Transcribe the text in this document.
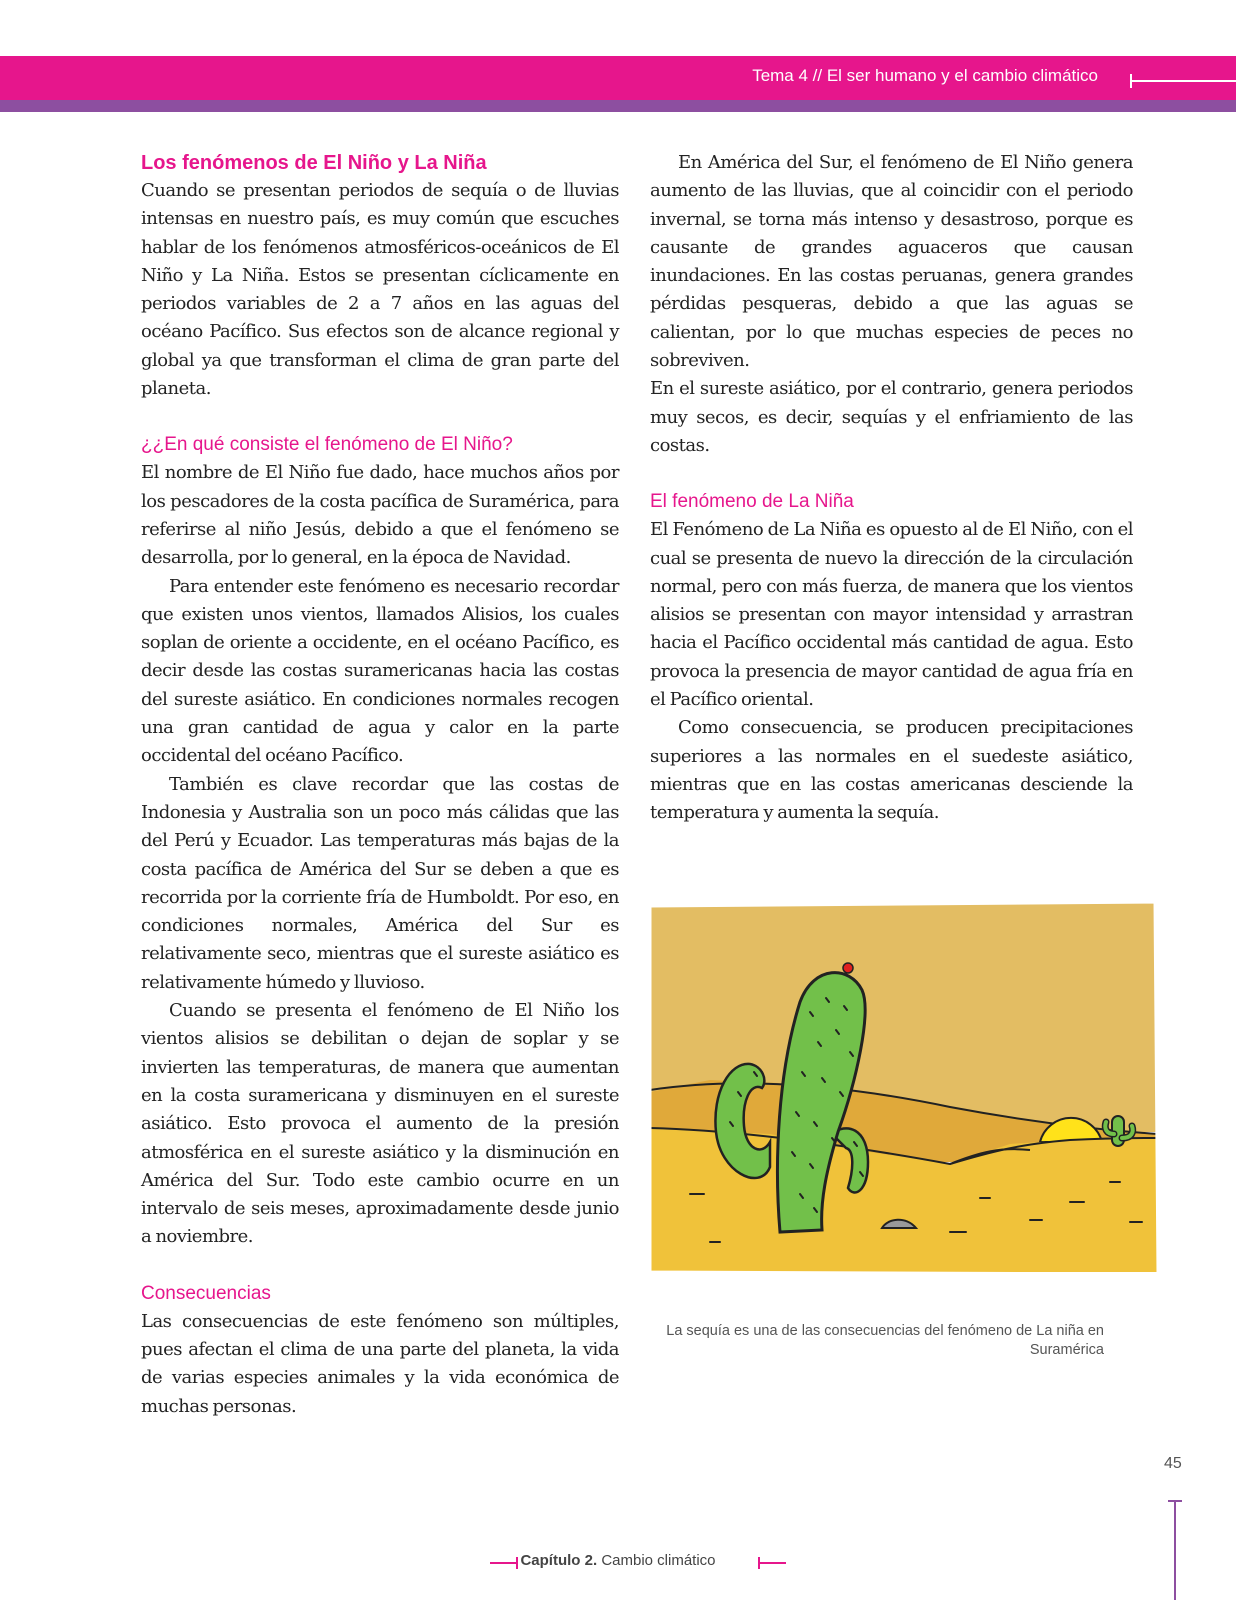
Tema 4 // El ser humano y el cambio climático
Los fenómenos de El Niño y La Niña
Cuando se presentan periodos de sequía o de lluvias intensas en nuestro país, es muy común que escuches hablar de los fenómenos atmosféricos-oceánicos de El Niño y La Niña. Estos se presentan cíclicamente en periodos variables de 2 a 7 años en las aguas del océano Pacífico. Sus efectos son de alcance regional y global ya que transforman el clima de gran parte del planeta.
¿¿En qué consiste el fenómeno de El Niño?
El nombre de El Niño fue dado, hace muchos años por los pescadores de la costa pacífica de Suramérica, para referirse al niño Jesús, debido a que el fenómeno se desarrolla, por lo general, en la época de Navidad.
Para entender este fenómeno es necesario recordar que existen unos vientos, llamados Alisios, los cuales soplan de oriente a occidente, en el océano Pacífico, es decir desde las costas suramericanas hacia las costas del sureste asiático. En condiciones normales recogen una gran cantidad de agua y calor en la parte occidental del océano Pacífico.
También es clave recordar que las costas de Indonesia y Australia son un poco más cálidas que las del Perú y Ecuador. Las temperaturas más bajas de la costa pacífica de América del Sur se deben a que es recorrida por la corriente fría de Humboldt. Por eso, en condiciones normales, América del Sur es relativamente seco, mientras que el sureste asiático es relativamente húmedo y lluvioso.
Cuando se presenta el fenómeno de El Niño los vientos alisios se debilitan o dejan de soplar y se invierten las temperaturas, de manera que aumentan en la costa suramericana y disminuyen en el sureste asiático. Esto provoca el aumento de la presión atmosférica en el sureste asiático y la disminución en América del Sur. Todo este cambio ocurre en un intervalo de seis meses, aproximadamente desde junio a noviembre.
Consecuencias
Las consecuencias de este fenómeno son múltiples, pues afectan el clima de una parte del planeta, la vida de varias especies animales y la vida económica de muchas personas.
En América del Sur, el fenómeno de El Niño genera aumento de las lluvias, que al coincidir con el periodo invernal, se torna más intenso y desastroso, porque es causante de grandes aguaceros que causan inundaciones. En las costas peruanas, genera grandes pérdidas pesqueras, debido a que las aguas se calientan, por lo que muchas especies de peces no sobreviven.
En el sureste asiático, por el contrario, genera periodos muy secos, es decir, sequías y el enfriamiento de las costas.
El fenómeno de La Niña
El Fenómeno de La Niña es opuesto al de El Niño, con el cual se presenta de nuevo la dirección de la circulación normal, pero con más fuerza, de manera que los vientos alisios se presentan con mayor intensidad y arrastran hacia el Pacífico occidental más cantidad de agua. Esto provoca la presencia de mayor cantidad de agua fría en el Pacífico oriental.
Como consecuencia, se producen precipitaciones superiores a las normales en el suedeste asiático, mientras que en las costas americanas desciende la temperatura y aumenta la sequía.
La sequía es una de las consecuencias del fenómeno de La niña en Suramérica
45
Capítulo 2. Cambio climático
